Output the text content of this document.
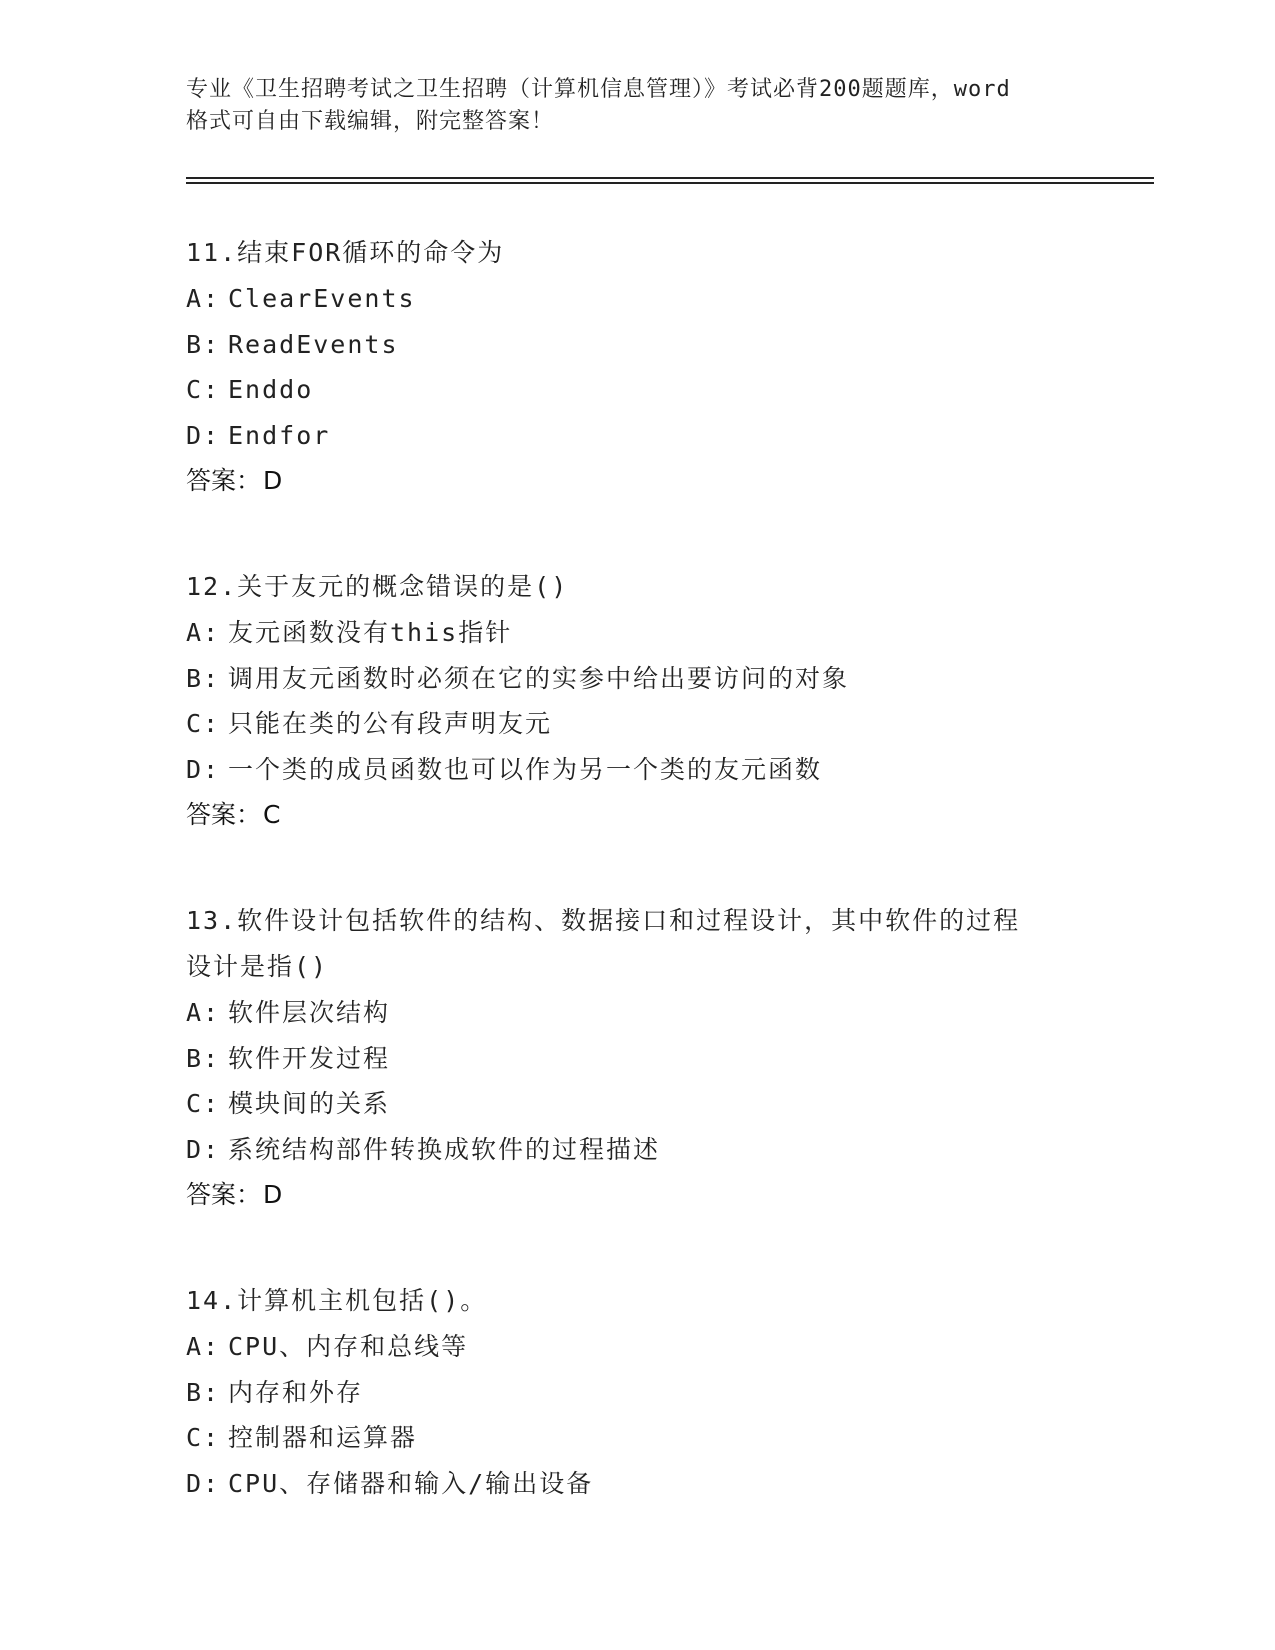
专业《卫生招聘考试之卫生招聘（计算机信息管理）》考试必背200题题库，word
格式可自由下载编辑，附完整答案！
11.结束FOR循环的命令为
A: ClearEvents
B: ReadEvents
C: Enddo
D: Endfor
答案：D
12.关于友元的概念错误的是()
A: 友元函数没有this指针
B: 调用友元函数时必须在它的实参中给出要访问的对象
C: 只能在类的公有段声明友元
D: 一个类的成员函数也可以作为另一个类的友元函数
答案：C
13.软件设计包括软件的结构、数据接口和过程设计，其中软件的过程
设计是指()
A: 软件层次结构
B: 软件开发过程
C: 模块间的关系
D: 系统结构部件转换成软件的过程描述
答案：D
14.计算机主机包括()。
A: CPU、内存和总线等
B: 内存和外存
C: 控制器和运算器
D: CPU、存储器和输入/输出设备
